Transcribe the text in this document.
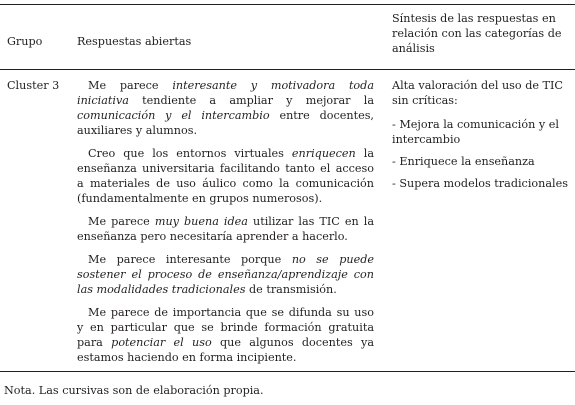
Grupo	Respuestas abiertas
Síntesis de las respuestas en relación con las categorías de análisis
Cluster 3	Me parece interesante y motivadora toda iniciativa tendiente a ampliar y mejorar la comunicación y el intercambio entre docentes, auxiliares y alumnos.

Creo que los entornos virtuales enriquecen la enseñanza universitaria facilitando tanto el acceso a materiales de uso áulico como la comunicación (fundamentalmente en grupos numerosos).

Me parece muy buena idea utilizar las TIC en la enseñanza pero necesitaría aprender a hacerlo.

Me parece interesante porque no se puede sostener el proceso de enseñanza/aprendizaje con las modalidades tradicionales de transmisión.

Me parece de importancia que se difunda su uso y en particular que se brinde formación gratuita para potenciar el uso que algunos docentes ya estamos haciendo en forma incipiente.

Alta valoración del uso de TIC sin críticas:
- Mejora la comunicación y el intercambio
- Enriquece la enseñanza
- Supera modelos tradicionales
Nota. Las cursivas son de elaboración propia.
